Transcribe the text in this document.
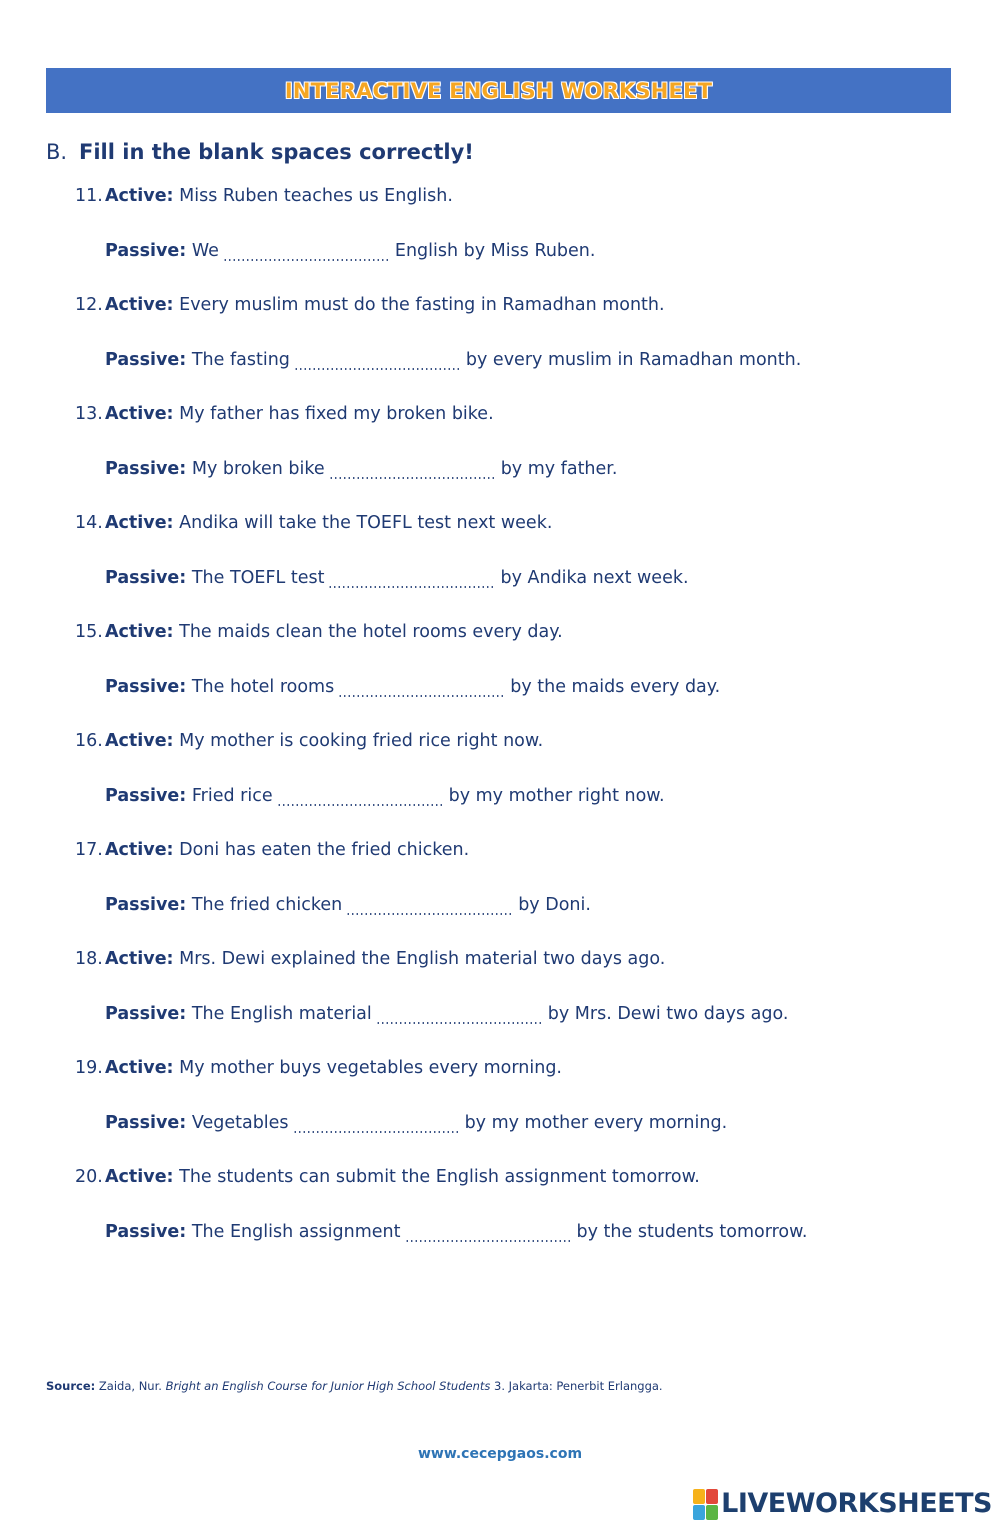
INTERACTIVE ENGLISH WORKSHEET
B. Fill in the blank spaces correctly!
11. Active: Miss Ruben teaches us English.
Passive: We	English by Miss Ruben.
12. Active: Every muslim must do the fasting in Ramadhan month.
Passive: The fasting	by every muslim in Ramadhan month.
13. Active: My father has fixed my broken bike.
Passive: My broken bike	by my father.
14. Active: Andika will take the TOEFL test next week.
Passive: The TOEFL test	by Andika next week.
15. Active: The maids clean the hotel rooms every day.
Passive: The hotel rooms	by the maids every day.
16. Active: My mother is cooking fried rice right now.
Passive: Fried rice	by my mother right now.
17. Active: Doni has eaten the fried chicken.
Passive: The fried chicken	by Doni.
18. Active: Mrs. Dewi explained the English material two days ago.
Passive: The English material	by Mrs. Dewi two days ago.
19. Active: My mother buys vegetables every morning.
Passive: Vegetables	by my mother every morning.
20. Active: The students can submit the English assignment tomorrow.
Passive: The English assignment	by the students tomorrow.
Source: Zaida, Nur. Bright an English Course for Junior High School Students 3. Jakarta: Penerbit Erlangga.
www.cecepgaos.com
LIVEWORKSHEETS
